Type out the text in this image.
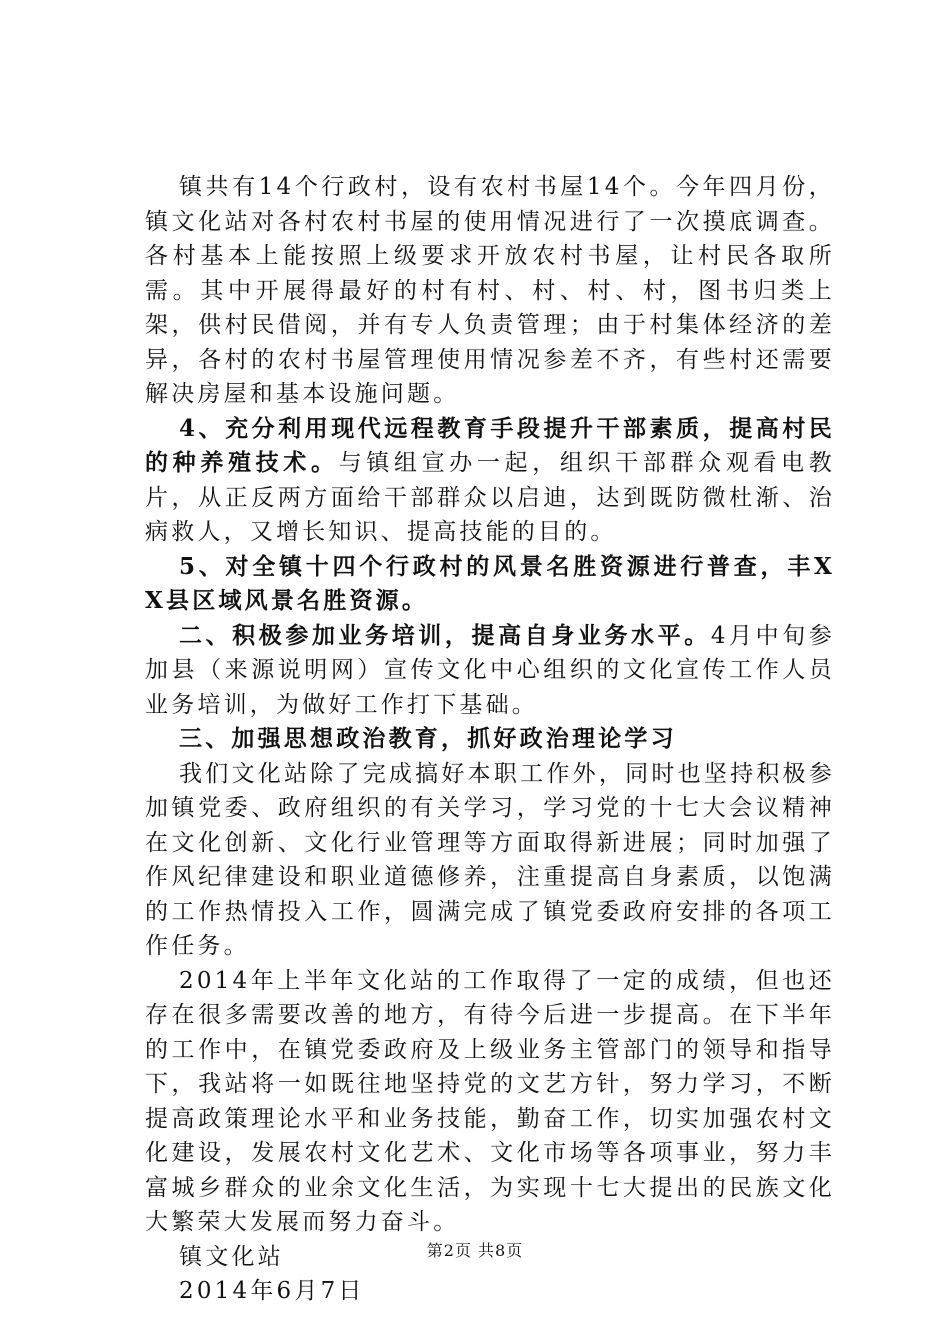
镇共有14个行政村，设有农村书屋14个。今年四月份，镇文化站对各村农村书屋的使用情况进行了一次摸底调查。各村基本上能按照上级要求开放农村书屋，让村民各取所需。其中开展得最好的村有村、村、村、村，图书归类上架，供村民借阅，并有专人负责管理；由于村集体经济的差异，各村的农村书屋管理使用情况参差不齐，有些村还需要解决房屋和基本设施问题。

4、充分利用现代远程教育手段提升干部素质，提高村民的种养殖技术。与镇组宣办一起，组织干部群众观看电教片，从正反两方面给干部群众以启迪，达到既防微杜渐、治病救人，又增长知识、提高技能的目的。

5、对全镇十四个行政村的风景名胜资源进行普查，丰XX县区域风景名胜资源。

二、积极参加业务培训，提高自身业务水平。4月中旬参加县（来源说明网）宣传文化中心组织的文化宣传工作人员业务培训，为做好工作打下基础。

三、加强思想政治教育，抓好政治理论学习

我们文化站除了完成搞好本职工作外，同时也坚持积极参加镇党委、政府组织的有关学习，学习党的十七大会议精神在文化创新、文化行业管理等方面取得新进展；同时加强了作风纪律建设和职业道德修养，注重提高自身素质，以饱满的工作热情投入工作，圆满完成了镇党委政府安排的各项工作任务。

2014年上半年文化站的工作取得了一定的成绩，但也还存在很多需要改善的地方，有待今后进一步提高。在下半年的工作中，在镇党委政府及上级业务主管部门的领导和指导下，我站将一如既往地坚持党的文艺方针，努力学习，不断提高政策理论水平和业务技能，勤奋工作，切实加强农村文化建设，发展农村文化艺术、文化市场等各项事业，努力丰富城乡群众的业余文化生活，为实现十七大提出的民族文化大繁荣大发展而努力奋斗。

镇文化站

2014年6月7日

第2页 共8页
